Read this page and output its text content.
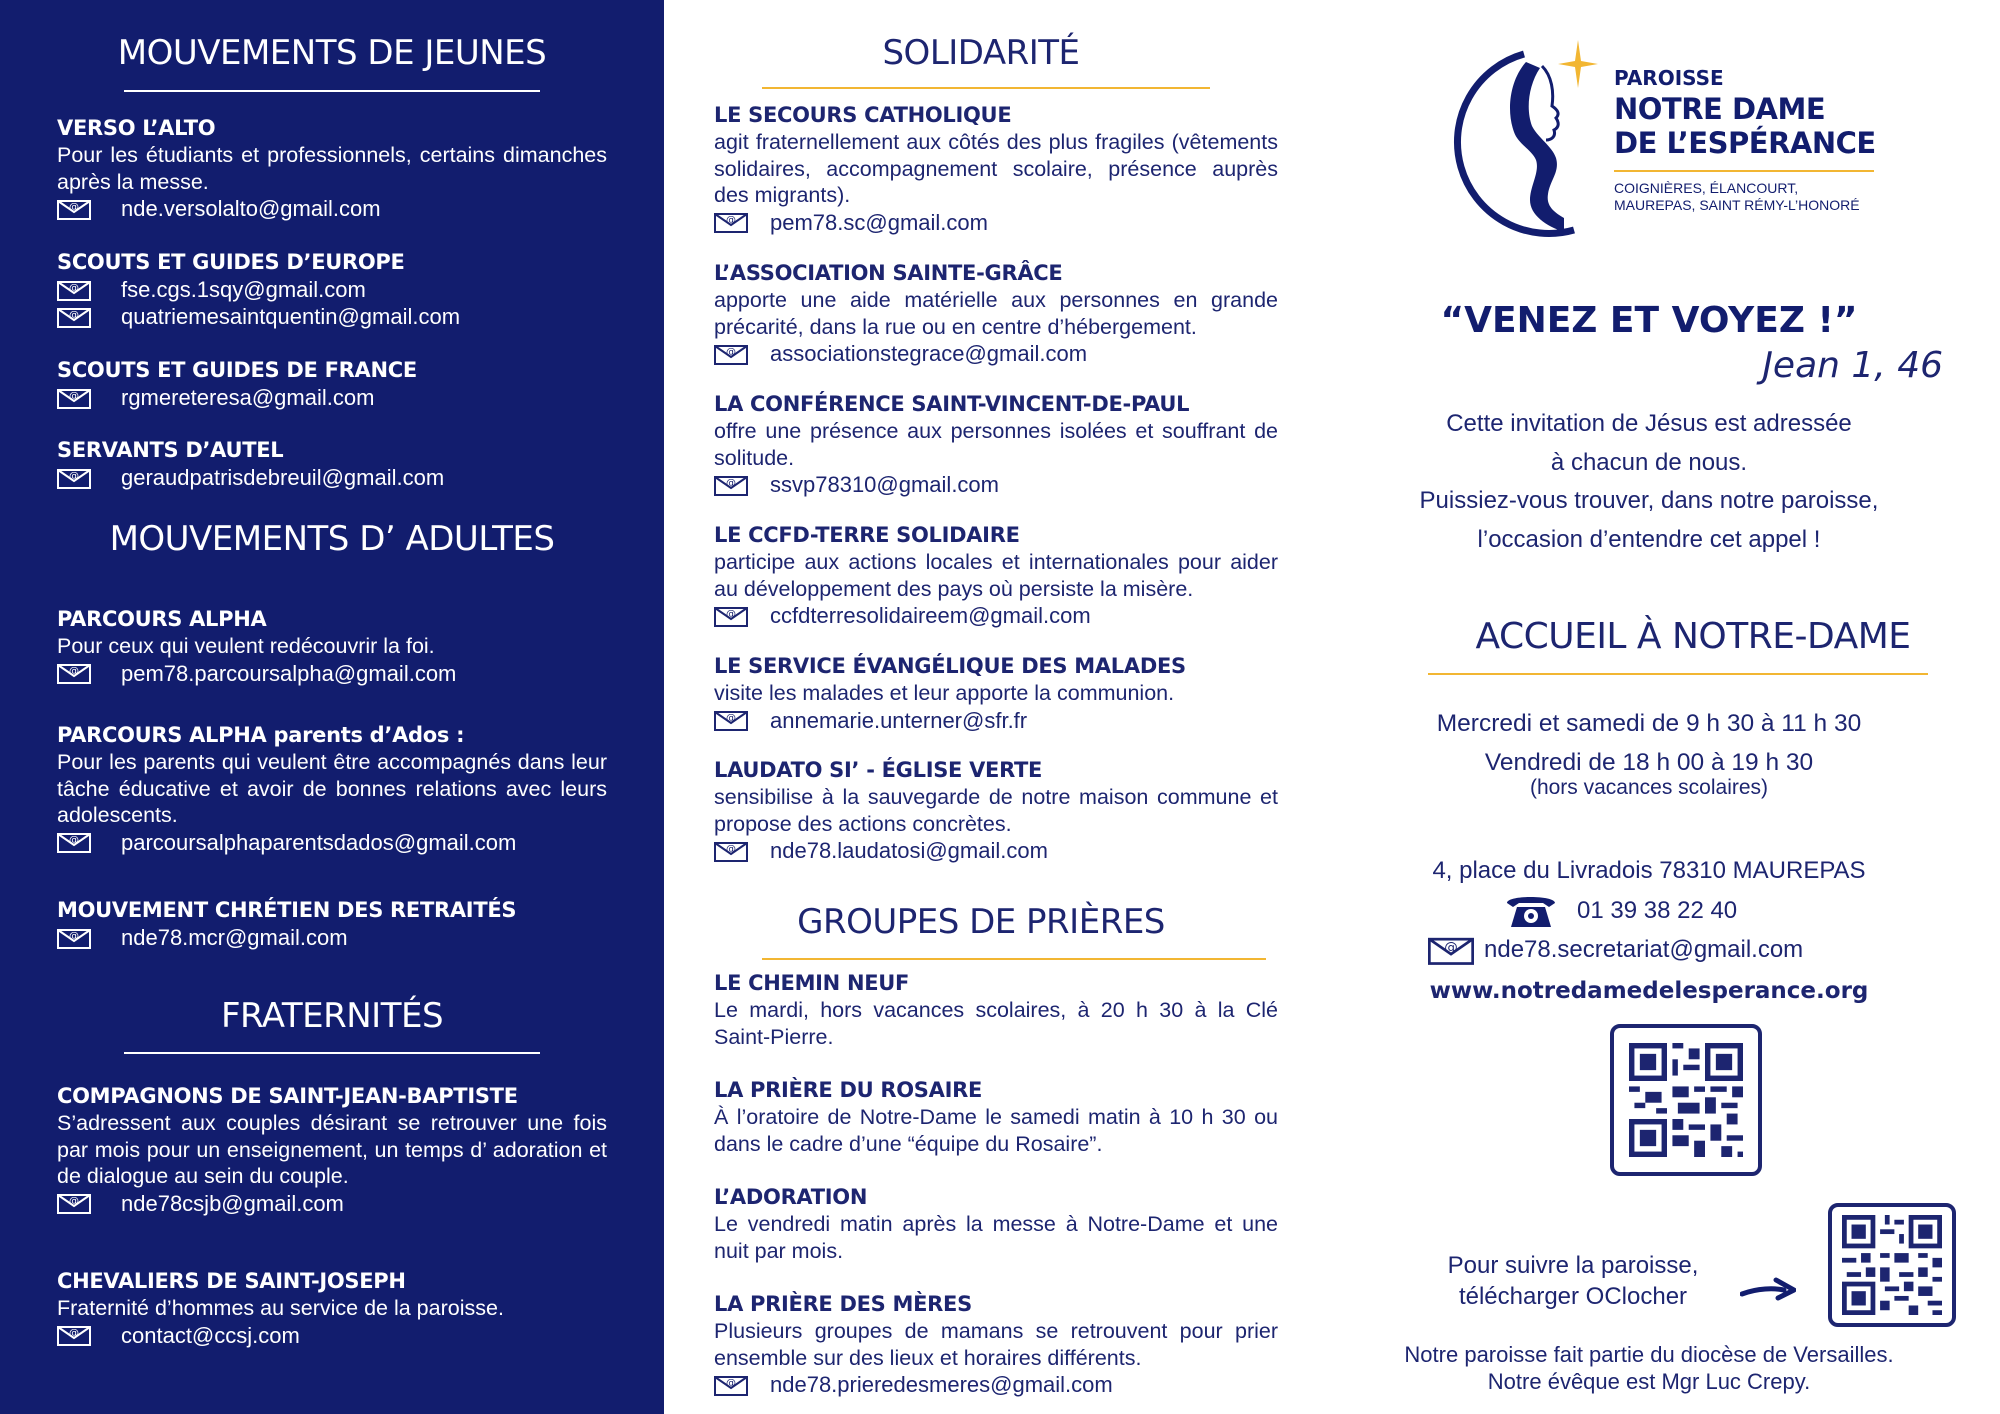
MOUVEMENTS DE JEUNES
VERSO L’ALTO
Pour les étudiants et professionnels, certains dimanches après la messe.
@ nde.versolalto@gmail.com
SCOUTS ET GUIDES D’EUROPE
@ fse.cgs.1sqy@gmail.com
@ quatriemesaintquentin@gmail.com
SCOUTS ET GUIDES DE FRANCE
@ rgmereteresa@gmail.com
SERVANTS D’AUTEL
@ geraudpatrisdebreuil@gmail.com
MOUVEMENTS D’ ADULTES
PARCOURS ALPHA
Pour ceux qui veulent redécouvrir la foi.
@ pem78.parcoursalpha@gmail.com
PARCOURS ALPHA parents d’Ados :
Pour les parents qui veulent être accompagnés dans leur tâche éducative et avoir de bonnes relations avec leurs adolescents.
@ parcoursalphaparentsdados@gmail.com
MOUVEMENT CHRÉTIEN DES RETRAITÉS
@ nde78.mcr@gmail.com
FRATERNITÉS
COMPAGNONS DE SAINT-JEAN-BAPTISTE
S’adressent aux couples désirant se retrouver une fois par mois pour un enseignement, un temps d’ adoration et de dialogue au sein du couple.
@ nde78csjb@gmail.com
CHEVALIERS DE SAINT-JOSEPH
Fraternité d’hommes au service de la paroisse.
@ contact@ccsj.com
SOLIDARITÉ
LE SECOURS CATHOLIQUE
agit fraternellement aux côtés des plus fragiles (vêtements solidaires, accompagnement scolaire, présence auprès des migrants).
@ pem78.sc@gmail.com
L’ASSOCIATION SAINTE-GRÂCE
apporte une aide matérielle aux personnes en grande précarité, dans la rue ou en centre d’hébergement.
@ associationstegrace@gmail.com
LA CONFÉRENCE SAINT-VINCENT-DE-PAUL
offre une présence aux personnes isolées et souffrant de solitude.
@ ssvp78310@gmail.com
LE CCFD-TERRE SOLIDAIRE
participe aux actions locales et internationales pour aider au développement des pays où persiste la misère.
@ ccfdterresolidaireem@gmail.com
LE SERVICE ÉVANGÉLIQUE DES MALADES
visite les malades et leur apporte la communion.
@ annemarie.unterner@sfr.fr
LAUDATO SI’ - ÉGLISE VERTE
sensibilise à la sauvegarde de notre maison commune et propose des actions concrètes.
@ nde78.laudatosi@gmail.com
GROUPES DE PRIÈRES
LE CHEMIN NEUF
Le mardi, hors vacances scolaires, à 20 h 30 à la Clé Saint-Pierre.
LA PRIÈRE DU ROSAIRE
À l’oratoire de Notre-Dame le samedi matin à 10 h 30 ou dans le cadre d’une “équipe du Rosaire”.
L’ADORATION
Le vendredi matin après la messe à Notre-Dame et une nuit par mois.
LA PRIÈRE DES MÈRES
Plusieurs groupes de mamans se retrouvent pour prier ensemble sur des lieux et horaires différents.
@ nde78.prieredesmeres@gmail.com
PAROISSE
NOTRE DAME
DE L’ESPÉRANCE
COIGNIÈRES, ÉLANCOURT,
MAUREPAS, SAINT RÉMY-L’HONORÉ
“VENEZ ET VOYEZ !”
Jean 1, 46
Cette invitation de Jésus est adressée
à chacun de nous.
Puissiez-vous trouver, dans notre paroisse,
l’occasion d’entendre cet appel !
ACCUEIL À NOTRE-DAME
Mercredi et samedi de 9 h 30 à 11 h 30
Vendredi de 18 h 00 à 19 h 30
(hors vacances scolaires)
4, place du Livradois 78310 MAUREPAS
01 39 38 22 40
@ nde78.secretariat@gmail.com
www.notredamedelesperance.org
Pour suivre la paroisse,
télécharger OClocher
Notre paroisse fait partie du diocèse de Versailles.
Notre évêque est Mgr Luc Crepy.
